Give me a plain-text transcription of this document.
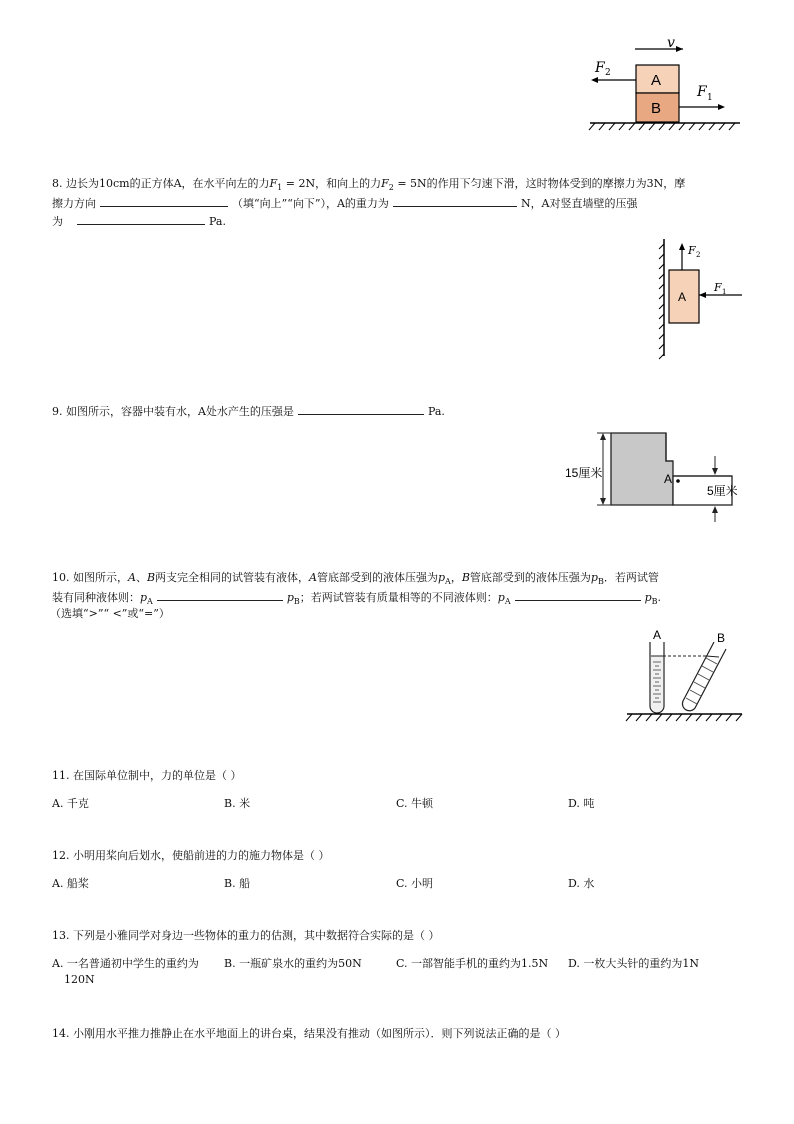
v
A
B
F 2
F 1
8. 边长为10cm的正方体A，在水平向左的力$F_1 = 2N$，和向上的力$F_2 = 5N$的作用下匀速下滑，这时物体受到的摩擦力为3N，摩
擦力方向	（填“向上”“向下”），A的重力为	N，A对竖直墙壁的压强
为	Pa.
A
F 2
F 1
9. 如图所示，容器中装有水，A处水产生的压强是	Pa.
15厘米
5厘米
A
10. 如图所示，A、B两支完全相同的试管装有液体，A管底部受到的液体压强为$p_A$，B管底部受到的液体压强为$p_B$．若两试管
装有同种液体则：$p_A$	$p_B$；若两试管装有质量相等的不同液体则：$p_A$	$p_B$.
（选填“>”“ <”或“=”）
A	B
11. 在国际单位制中，力的单位是（ ）
A. 千克	B. 米	C. 牛顿	D. 吨
12. 小明用桨向后划水，使船前进的力的施力物体是（ ）
A. 船桨	B. 船	C. 小明	D. 水
13. 下列是小雅同学对身边一些物体的重力的估测，其中数据符合实际的是（ ）
A. 一名普通初中学生的重约为 B. 一瓶矿泉水的重约为50N	C. 一部智能手机的重约为1.5N D. 一枚大头针的重约为1N
120N
14. 小刚用水平推力推静止在水平地面上的讲台桌，结果没有推动（如图所示）．则下列说法正确的是（ ）
